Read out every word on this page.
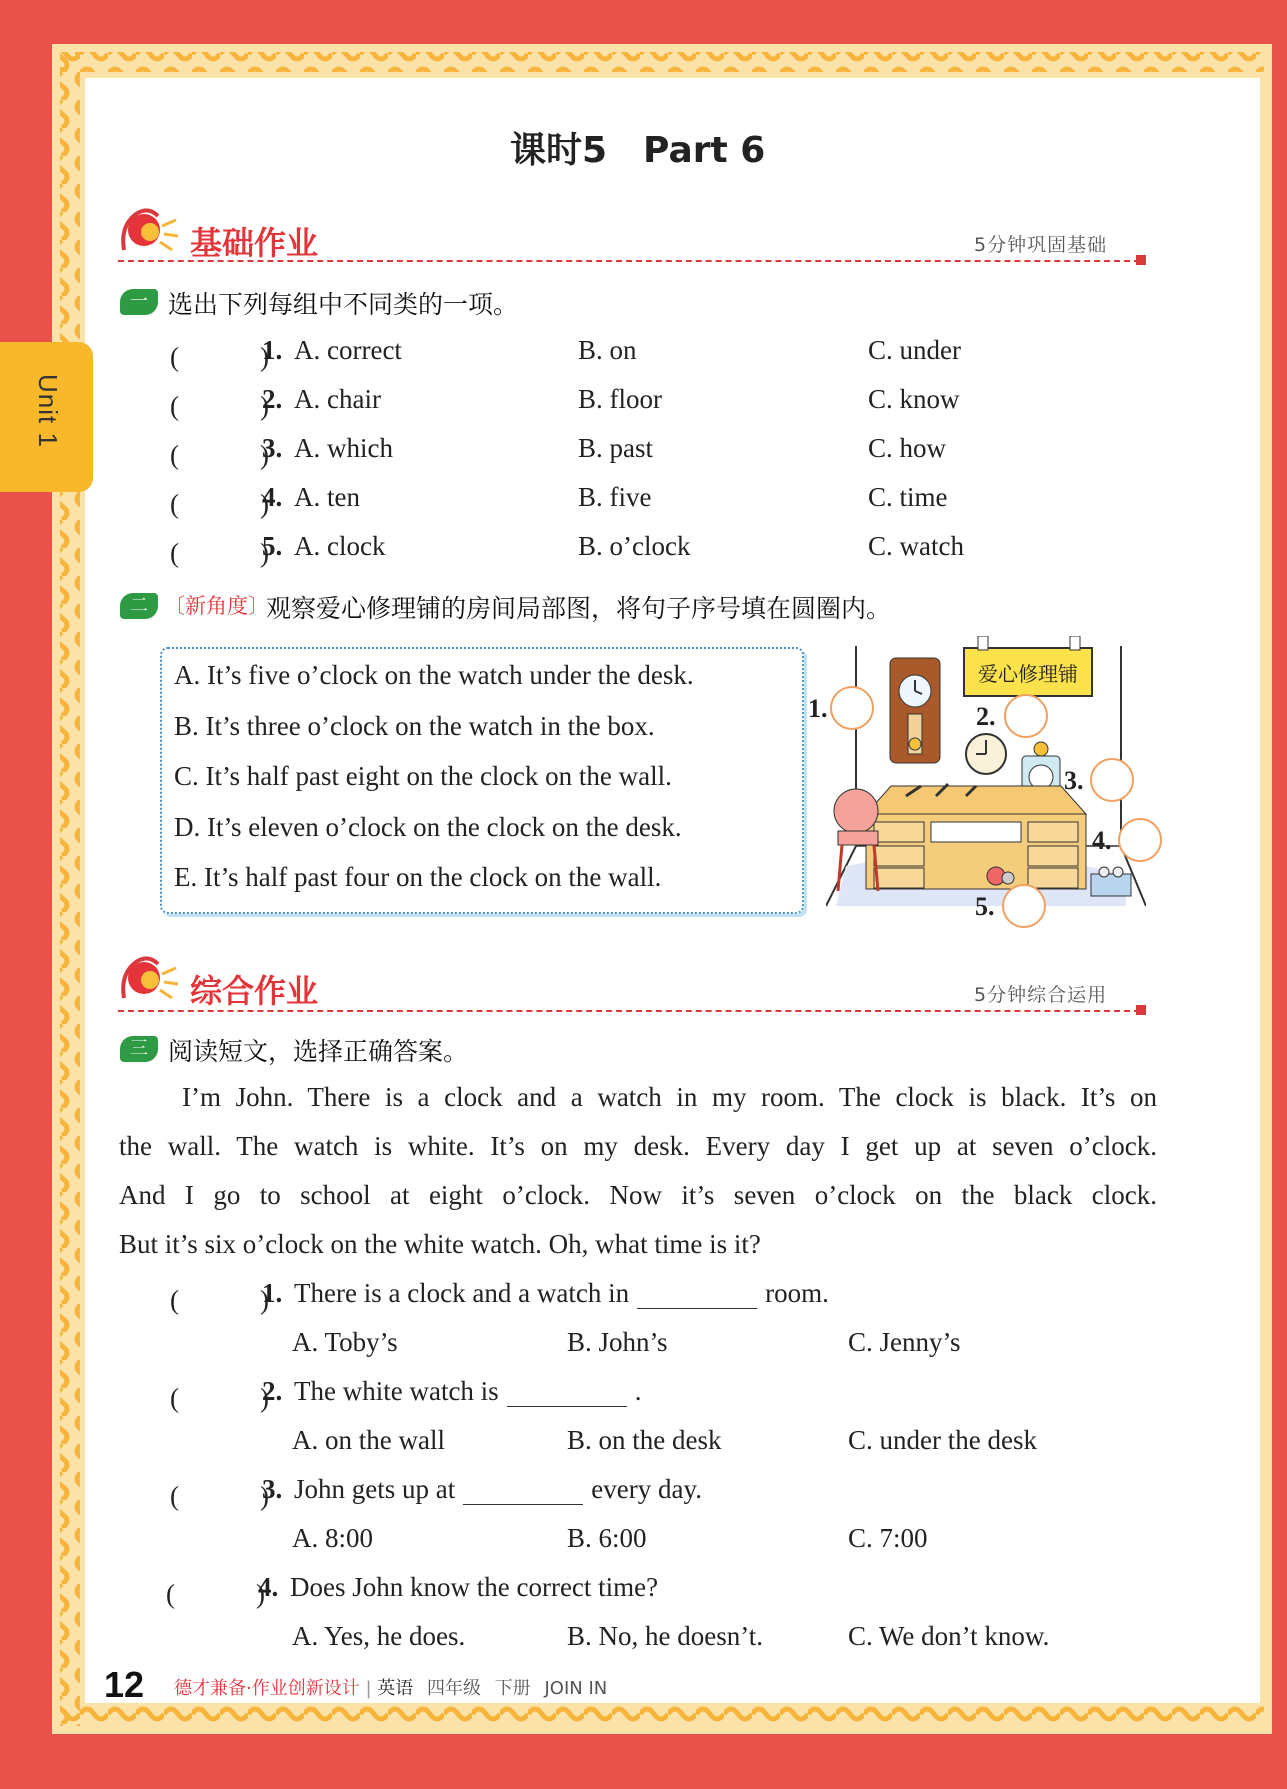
Unit 1
课时5　Part 6
基础作业	5分钟巩固基础
一 选出下列每组中不同类的一项。
(　　　)
1. A. correct	B. on	C. under
(　　　)
2. A. chair	B. floor	C. know
(　　　)
3. A. which	B. past	C. how
(　　　)
4. A. ten	B. five	C. time
(　　　)
5. A. clock	B. o’clock	C. watch
二 〔新角度〕
观察爱心修理铺的房间局部图，将句子序号填在圆圈内。
A. It’s five o’clock on the watch under the desk.
B. It’s three o’clock on the watch in the box.
C. It’s half past eight on the clock on the wall.
D. It’s eleven o’clock on the clock on the desk.
E. It’s half past four on the clock on the wall.
爱心修理铺
1.	2.
3.
4.
5.
综合作业	5分钟综合运用
三 阅读短文，选择正确答案。
I’m John. There is a clock and a watch in my room. The clock is black. It’s on
the wall. The watch is white. It’s on my desk. Every day I get up at seven o’clock.
And I go to school at eight o’clock. Now it’s seven o’clock on the black clock.
But it’s six o’clock on the white watch. Oh, what time is it?
(　　　)
1. There is a clock and a watch in	room.
A. Toby’s	B. John’s	C. Jenny’s
(　　　)
2. The white watch is	.
A. on the wall	B. on the desk	C. under the desk
(　　　)
3. John gets up at	every day.
A. 8:00	B. 6:00	C. 7:00
(　　　)
4. Does John know the correct time?
A. Yes, he does.	B. No, he doesn’t.	C. We don’t know.
12 德才兼备·作业创新设计 | 英语 四年级 下册 JOIN IN
